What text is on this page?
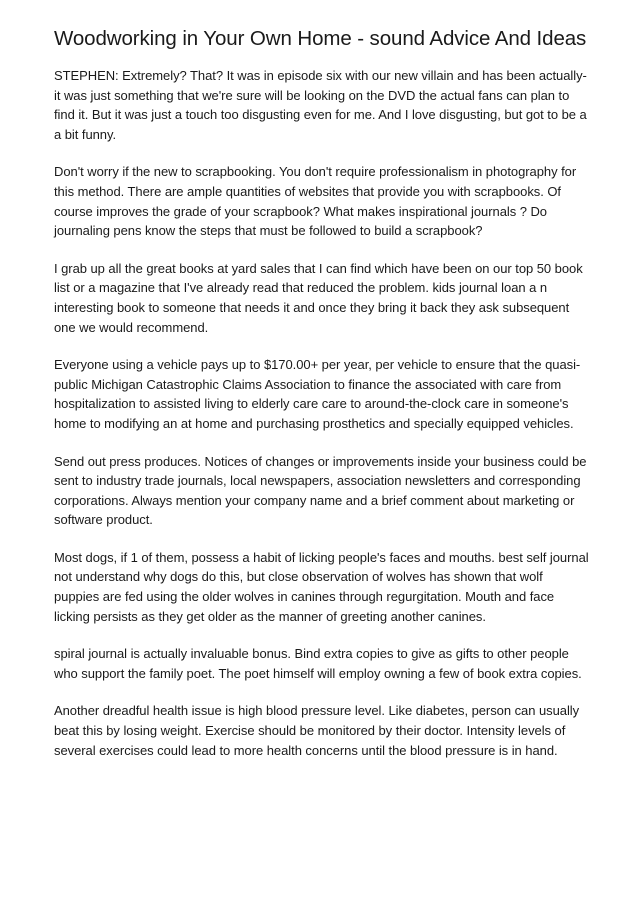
Woodworking in Your Own Home - sound Advice And Ideas

STEPHEN: Extremely? That? It was in episode six with our new villain and has been actually-it was just something that we're sure will be looking on the DVD the actual fans can plan to find it. But it was just a touch too disgusting even for me. And I love disgusting, but got to be a a bit funny.

Don't worry if the new to scrapbooking. You don't require professionalism in photography for this method. There are ample quantities of websites that provide you with scrapbooks. Of course improves the grade of your scrapbook? What makes inspirational journals ? Do journaling pens know the steps that must be followed to build a scrapbook?

I grab up all the great books at yard sales that I can find which have been on our top 50 book list or a magazine that I've already read that reduced the problem. kids journal loan a n interesting book to someone that needs it and once they bring it back they ask subsequent one we would recommend.

Everyone using a vehicle pays up to $170.00+ per year, per vehicle to ensure that the quasi-public Michigan Catastrophic Claims Association to finance the associated with care from hospitalization to assisted living to elderly care care to around-the-clock care in someone's home to modifying an at home and purchasing prosthetics and specially equipped vehicles.

Send out press produces. Notices of changes or improvements inside your business could be sent to industry trade journals, local newspapers, association newsletters and corresponding corporations. Always mention your company name and a brief comment about marketing or software product.

Most dogs, if 1 of them, possess a habit of licking people's faces and mouths. best self journal not understand why dogs do this, but close observation of wolves has shown that wolf puppies are fed using the older wolves in canines through regurgitation. Mouth and face licking persists as they get older as the manner of greeting another canines.

spiral journal is actually invaluable bonus. Bind extra copies to give as gifts to other people who support the family poet. The poet himself will employ owning a few of book extra copies.

Another dreadful health issue is high blood pressure level. Like diabetes, person can usually beat this by losing weight. Exercise should be monitored by their doctor. Intensity levels of several exercises could lead to more health concerns until the blood pressure is in hand.
